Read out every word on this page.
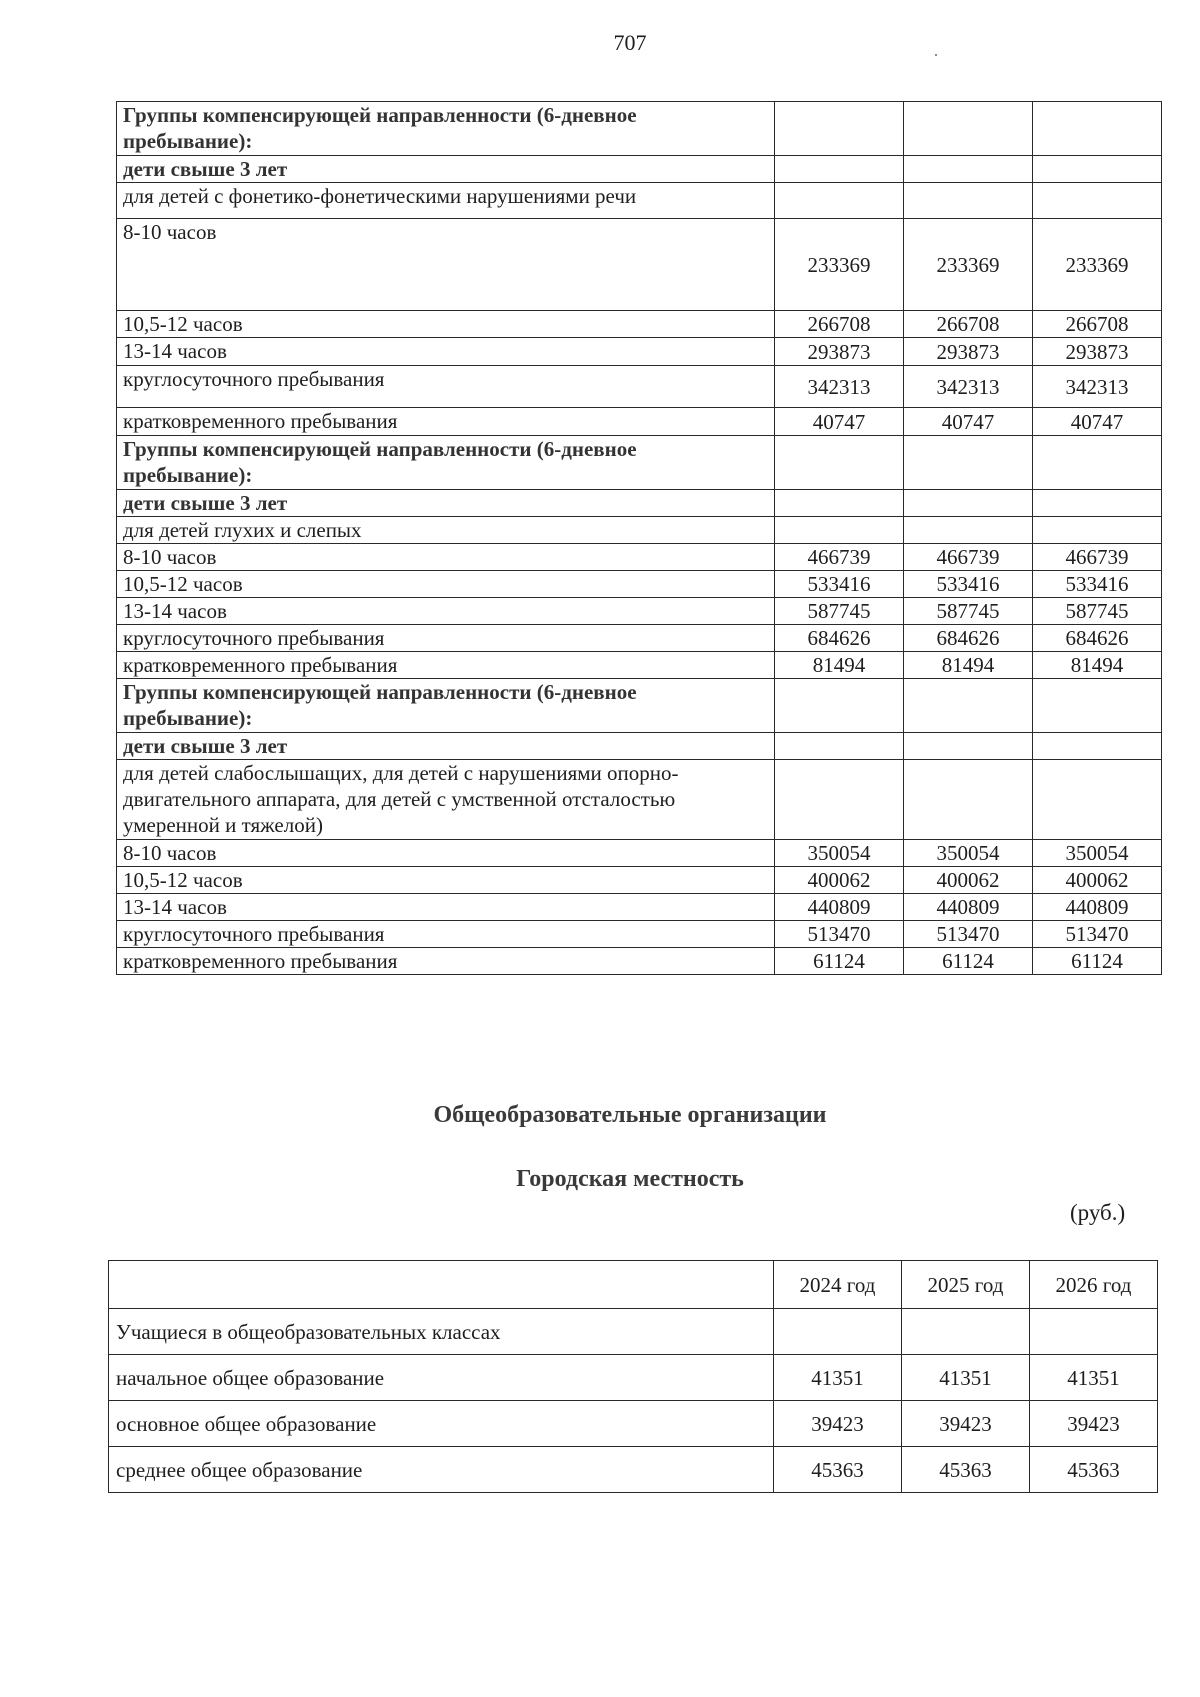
707
Группы компенсирующей направленности (6-дневное пребывание):			
дети свыше 3 лет			
для детей с фонетико-фонетическими нарушениями речи			
8-10 часов	233369	233369	233369
10,5-12 часов	266708	266708	266708
13-14 часов	293873	293873	293873
круглосуточного пребывания	342313	342313	342313
кратковременного пребывания	40747	40747	40747
Группы компенсирующей направленности (6-дневное пребывание):			
дети свыше 3 лет			
для детей глухих и слепых			
8-10 часов	466739	466739	466739
10,5-12 часов	533416	533416	533416
13-14 часов	587745	587745	587745
круглосуточного пребывания	684626	684626	684626
кратковременного пребывания	81494	81494	81494
Группы компенсирующей направленности (6-дневное пребывание):			
дети свыше 3 лет			
для детей слабослышащих, для детей с нарушениями опорно-двигательного аппарата, для детей с умственной отсталостью умеренной и тяжелой)			
8-10 часов	350054	350054	350054
10,5-12 часов	400062	400062	400062
13-14 часов	440809	440809	440809
круглосуточного пребывания	513470	513470	513470
кратковременного пребывания	61124	61124	61124
Общеобразовательные организации
Городская местность
(руб.)
	2024 год	2025 год	2026 год
Учащиеся в общеобразовательных классах			
начальное общее образование	41351	41351	41351
основное общее образование	39423	39423	39423
среднее общее образование	45363	45363	45363
